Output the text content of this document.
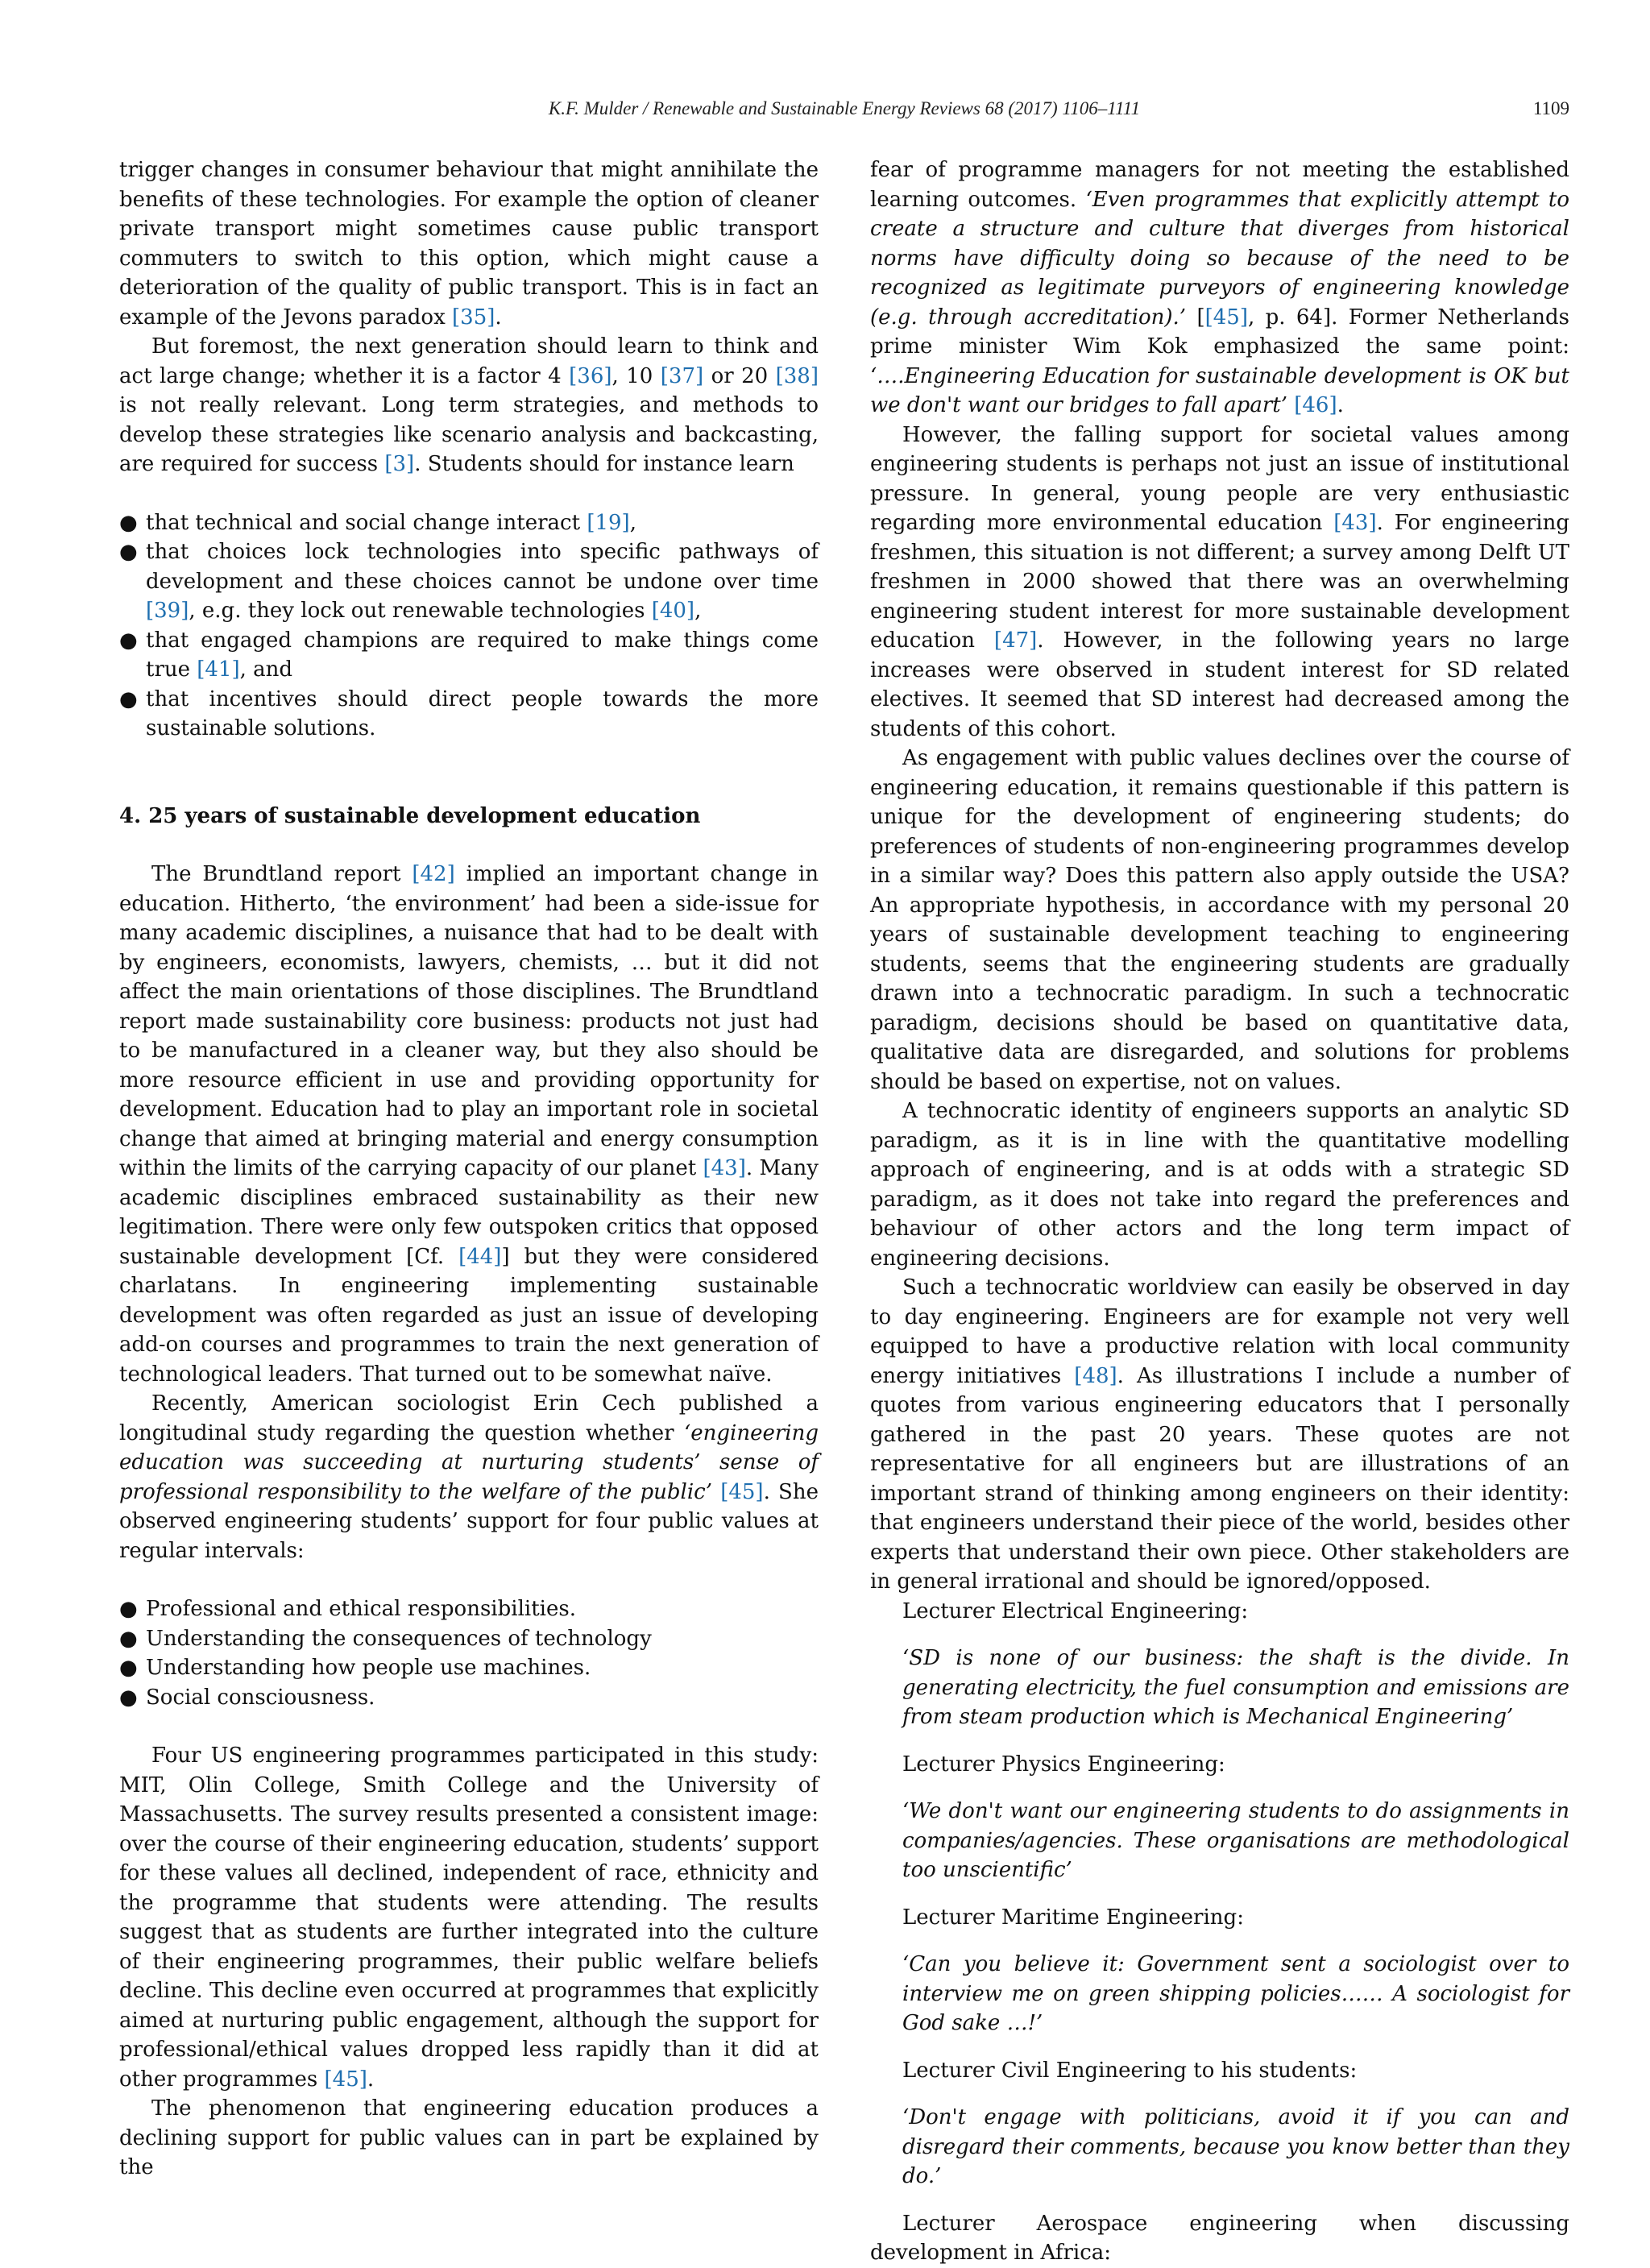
K.F. Mulder / Renewable and Sustainable Energy Reviews 68 (2017) 1106–1111	1109

trigger changes in consumer behaviour that might annihilate the benefits of these technologies. For example the option of cleaner private transport might sometimes cause public transport commuters to switch to this option, which might cause a deterioration of the quality of public transport. This is in fact an example of the Jevons paradox [35].

But foremost, the next generation should learn to think and act large change; whether it is a factor 4 [36], 10 [37] or 20 [38] is not really relevant. Long term strategies, and methods to develop these strategies like scenario analysis and backcasting, are required for success [3]. Students should for instance learn

● that technical and social change interact [19],
● that choices lock technologies into specific pathways of development and these choices cannot be undone over time [39], e.g. they lock out renewable technologies [40],
● that engaged champions are required to make things come true [41], and
● that incentives should direct people towards the more sustainable solutions.
4. 25 years of sustainable development education

The Brundtland report [42] implied an important change in education. Hitherto, ‘the environment’ had been a side-issue for many academic disciplines, a nuisance that had to be dealt with by engineers, economists, lawyers, chemists, … but it did not affect the main orientations of those disciplines. The Brundtland report made sustainability core business: products not just had to be manufactured in a cleaner way, but they also should be more resource efficient in use and providing opportunity for development. Education had to play an important role in societal change that aimed at bringing material and energy consumption within the limits of the carrying capacity of our planet [43]. Many academic disciplines embraced sustainability as their new legitimation. There were only few outspoken critics that opposed sustainable development [Cf. [44]] but they were considered charlatans. In engineering implementing sustainable development was often regarded as just an issue of developing add-on courses and programmes to train the next generation of technological leaders. That turned out to be somewhat naïve.

Recently, American sociologist Erin Cech published a longitudinal study regarding the question whether ‘engineering education was succeeding at nurturing students’ sense of professional responsibility to the welfare of the public’ [45]. She observed engineering students’ support for four public values at regular intervals:

● Professional and ethical responsibilities.
● Understanding the consequences of technology
● Understanding how people use machines.
● Social consciousness.

Four US engineering programmes participated in this study: MIT, Olin College, Smith College and the University of Massachusetts. The survey results presented a consistent image: over the course of their engineering education, students’ support for these values all declined, independent of race, ethnicity and the programme that students were attending. The results suggest that as students are further integrated into the culture of their engineering programmes, their public welfare beliefs decline. This decline even occurred at programmes that explicitly aimed at nurturing public engagement, although the support for professional/ethical values dropped less rapidly than it did at other programmes [45].

The phenomenon that engineering education produces a declining support for public values can in part be explained by the

fear of programme managers for not meeting the established learning outcomes. ‘Even programmes that explicitly attempt to create a structure and culture that diverges from historical norms have difficulty doing so because of the need to be recognized as legitimate purveyors of engineering knowledge (e.g. through accreditation).’ [[45], p. 64]. Former Netherlands prime minister Wim Kok emphasized the same point: ‘….Engineering Education for sustainable development is OK but we don't want our bridges to fall apart’ [46].

However, the falling support for societal values among engineering students is perhaps not just an issue of institutional pressure. In general, young people are very enthusiastic regarding more environmental education [43]. For engineering freshmen, this situation is not different; a survey among Delft UT freshmen in 2000 showed that there was an overwhelming engineering student interest for more sustainable development education [47]. However, in the following years no large increases were observed in student interest for SD related electives. It seemed that SD interest had decreased among the students of this cohort.

As engagement with public values declines over the course of engineering education, it remains questionable if this pattern is unique for the development of engineering students; do preferences of students of non-engineering programmes develop in a similar way? Does this pattern also apply outside the USA? An appropriate hypothesis, in accordance with my personal 20 years of sustainable development teaching to engineering students, seems that the engineering students are gradually drawn into a technocratic paradigm. In such a technocratic paradigm, decisions should be based on quantitative data, qualitative data are disregarded, and solutions for problems should be based on expertise, not on values.

A technocratic identity of engineers supports an analytic SD paradigm, as it is in line with the quantitative modelling approach of engineering, and is at odds with a strategic SD paradigm, as it does not take into regard the preferences and behaviour of other actors and the long term impact of engineering decisions.

Such a technocratic worldview can easily be observed in day to day engineering. Engineers are for example not very well equipped to have a productive relation with local community energy initiatives [48]. As illustrations I include a number of quotes from various engineering educators that I personally gathered in the past 20 years. These quotes are not representative for all engineers but are illustrations of an important strand of thinking among engineers on their identity: that engineers understand their piece of the world, besides other experts that understand their own piece. Other stakeholders are in general irrational and should be ignored/opposed.

Lecturer Electrical Engineering:

‘SD is none of our business: the shaft is the divide. In generating electricity, the fuel consumption and emissions are from steam production which is Mechanical Engineering’

Lecturer Physics Engineering:

‘We don't want our engineering students to do assignments in companies/agencies. These organisations are methodological too unscientific’

Lecturer Maritime Engineering:

‘Can you believe it: Government sent a sociologist over to interview me on green shipping policies…… A sociologist for God sake …!’

Lecturer Civil Engineering to his students:

‘Don't engage with politicians, avoid it if you can and disregard their comments, because you know better than they do.’

Lecturer Aerospace engineering when discussing development in Africa:
